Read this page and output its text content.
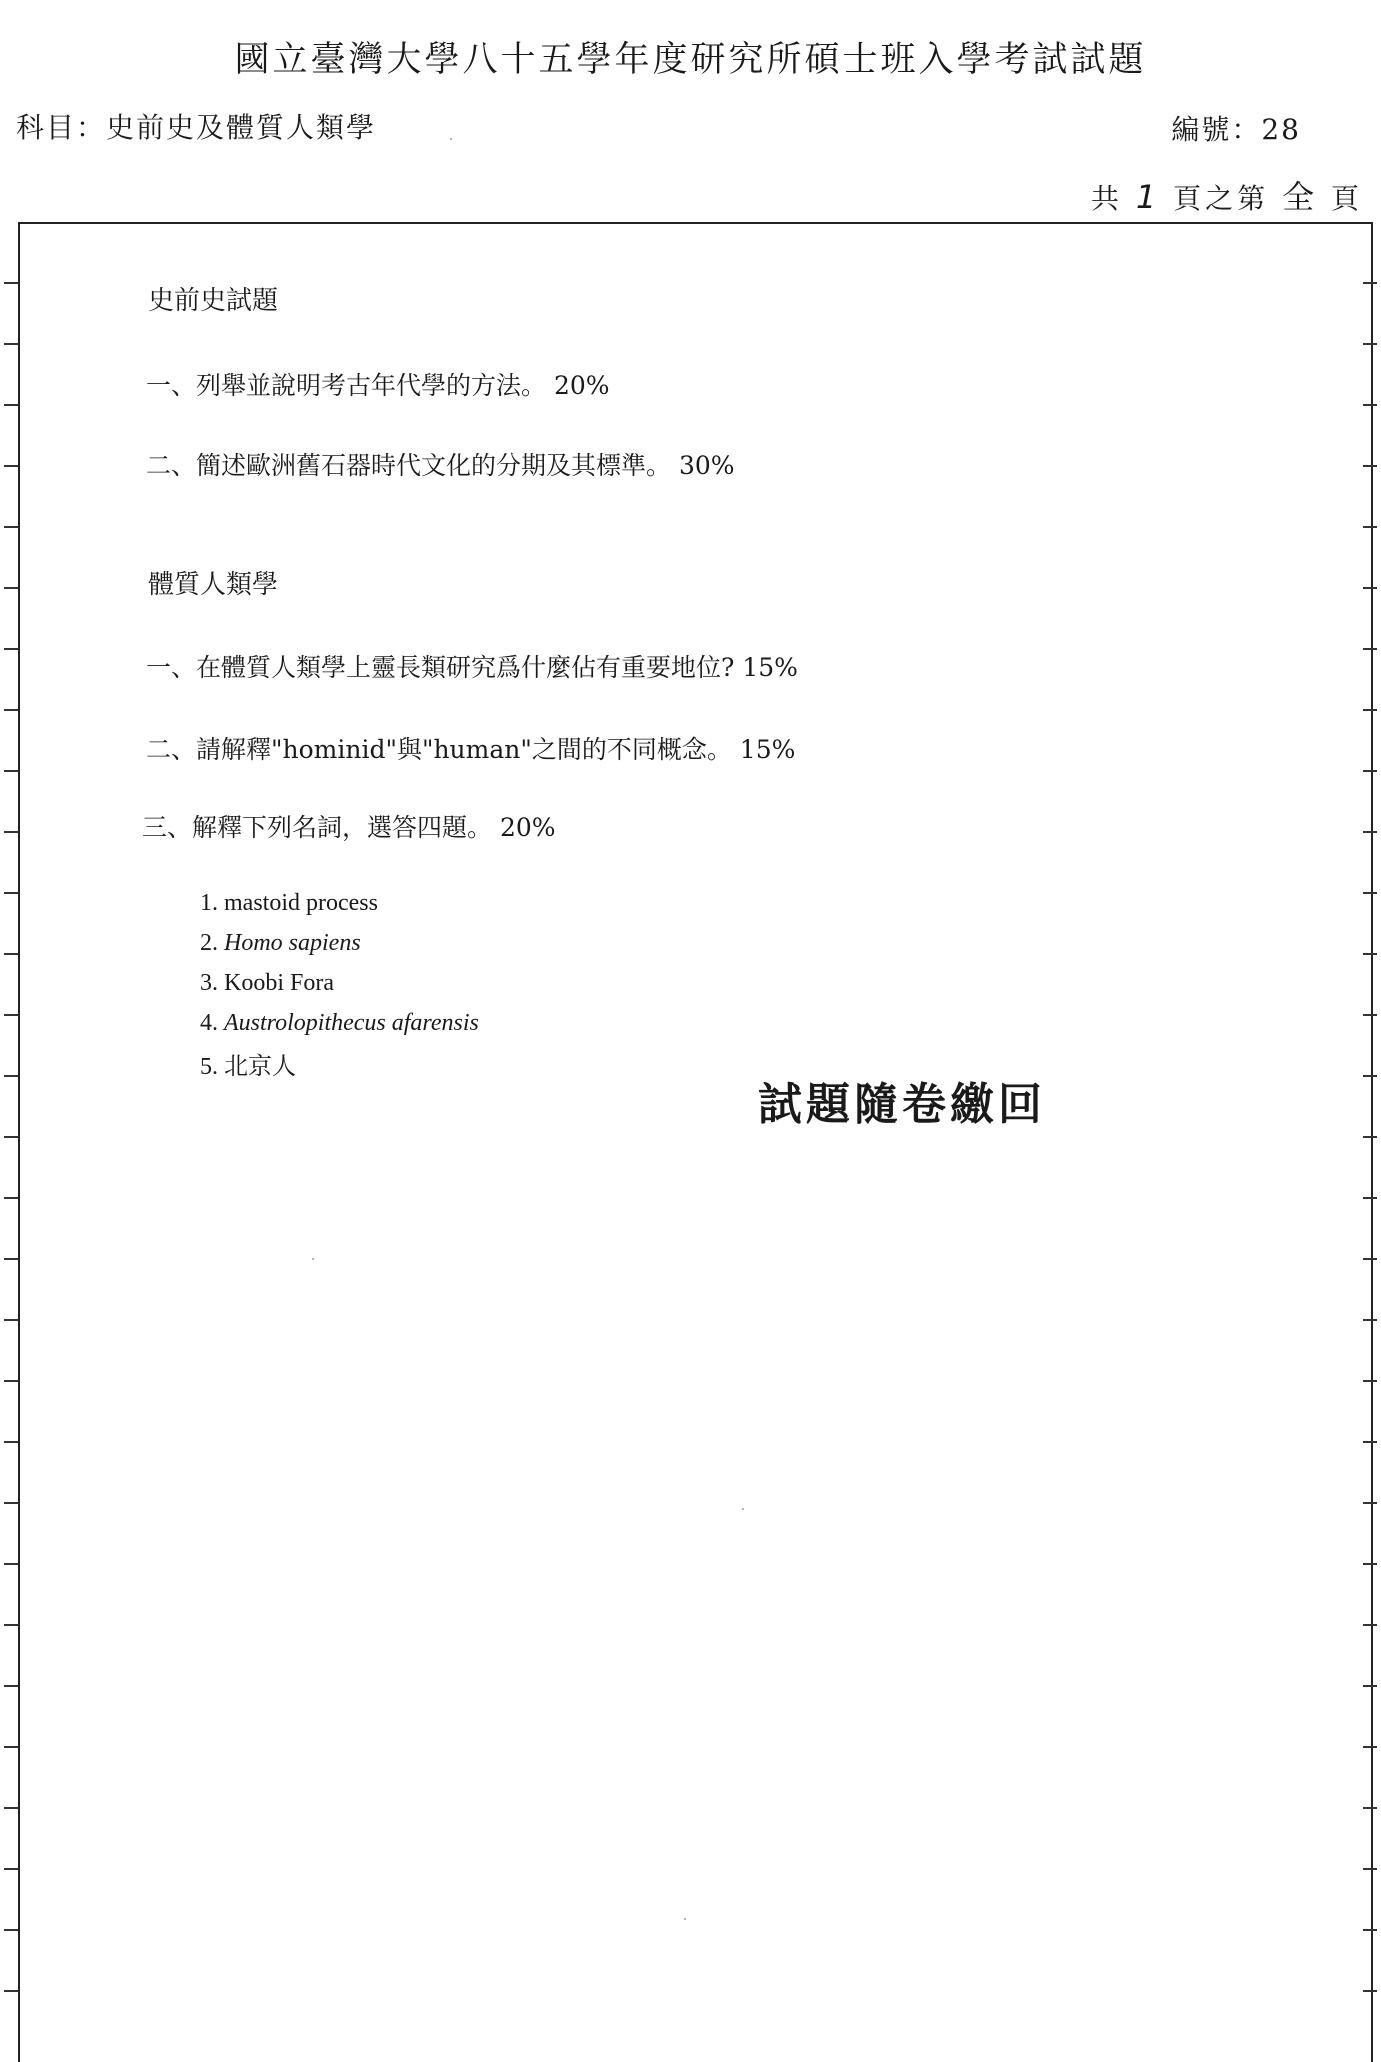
國立臺灣大學八十五學年度研究所碩士班入學考試試題
科目：史前史及體質人類學	編號：28
共 1 頁之第 全 頁
史前史試題
一、列舉並說明考古年代學的方法。 20%
二、簡述歐洲舊石器時代文化的分期及其標準。 30%
體質人類學
一、在體質人類學上靈長類研究爲什麼佔有重要地位? 15%
二、請解釋"hominid"與"human"之間的不同概念。 15%
三、解釋下列名詞，選答四題。 20%
1. mastoid process
2. Homo sapiens
3. Koobi Fora
4. Austrolopithecus afarensis
5. 北京人
試題隨卷繳回
